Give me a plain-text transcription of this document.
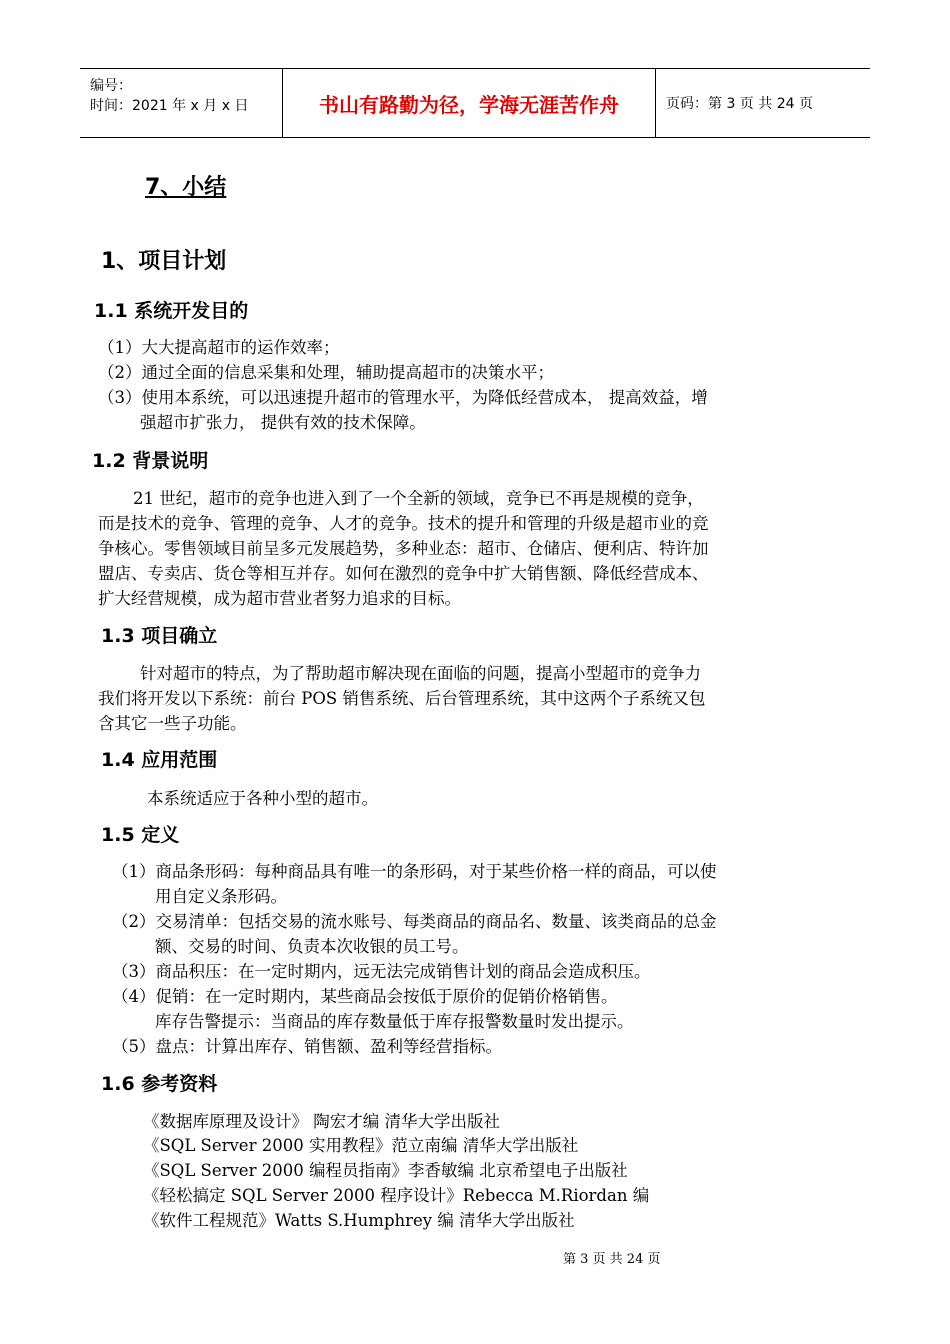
编号：
时间：2021 年 x 月 x 日	书山有路勤为径，学海无涯苦作舟	页码：第 3 页 共 24 页
7、小结
1、项目计划
1.1 系统开发目的
（1）大大提高超市的运作效率；
（2）通过全面的信息采集和处理，辅助提高超市的决策水平；
（3）使用本系统，可以迅速提升超市的管理水平，为降低经营成本， 提高效益，增
强超市扩张力， 提供有效的技术保障。
1.2 背景说明
21 世纪，超市的竞争也进入到了一个全新的领域，竞争已不再是规模的竞争，
而是技术的竞争、管理的竞争、人才的竞争。技术的提升和管理的升级是超市业的竞
争核心。零售领域目前呈多元发展趋势，多种业态：超市、仓储店、便利店、特许加
盟店、专卖店、货仓等相互并存。如何在激烈的竞争中扩大销售额、降低经营成本、
扩大经营规模，成为超市营业者努力追求的目标。
1.3 项目确立
针对超市的特点，为了帮助超市解决现在面临的问题，提高小型超市的竞争力
我们将开发以下系统：前台 POS 销售系统、后台管理系统，其中这两个子系统又包
含其它一些子功能。
1.4 应用范围
本系统适应于各种小型的超市。
1.5 定义
（1）商品条形码：每种商品具有唯一的条形码，对于某些价格一样的商品，可以使
用自定义条形码。
（2）交易清单：包括交易的流水账号、每类商品的商品名、数量、该类商品的总金
额、交易的时间、负责本次收银的员工号。
（3）商品积压：在一定时期内，远无法完成销售计划的商品会造成积压。
（4）促销：在一定时期内，某些商品会按低于原价的促销价格销售。
库存告警提示：当商品的库存数量低于库存报警数量时发出提示。
（5）盘点：计算出库存、销售额、盈利等经营指标。
1.6 参考资料
《数据库原理及设计》 陶宏才编 清华大学出版社
《SQL Server 2000 实用教程》范立南编 清华大学出版社
《SQL Server 2000 编程员指南》李香敏编 北京希望电子出版社
《轻松搞定 SQL Server 2000 程序设计》Rebecca M.Riordan 编
《软件工程规范》Watts S.Humphrey 编 清华大学出版社
第 3 页 共 24 页
